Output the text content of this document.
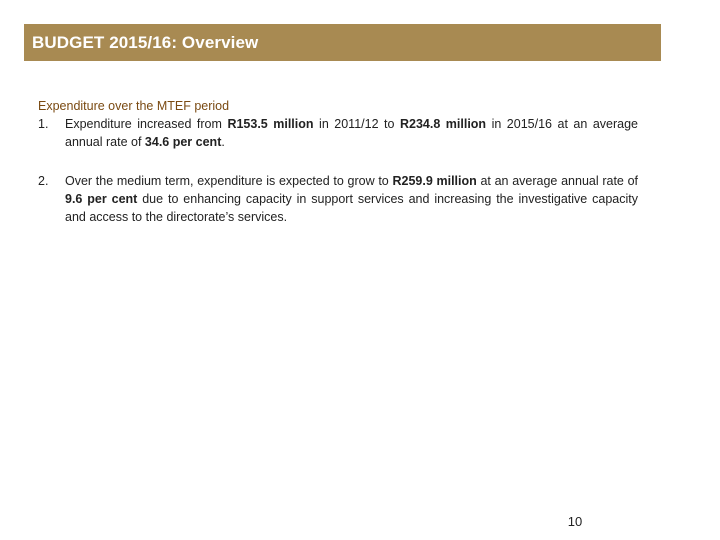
BUDGET 2015/16: Overview
Expenditure over the MTEF period
1.	Expenditure increased from R153.5 million in 2011/12 to R234.8 million in 2015/16 at an average annual rate of 34.6 per cent.
2.	Over the medium term, expenditure is expected to grow to R259.9 million at an average annual rate of 9.6 per cent due to enhancing capacity in support services and increasing the investigative capacity and access to the directorate’s services.
10
